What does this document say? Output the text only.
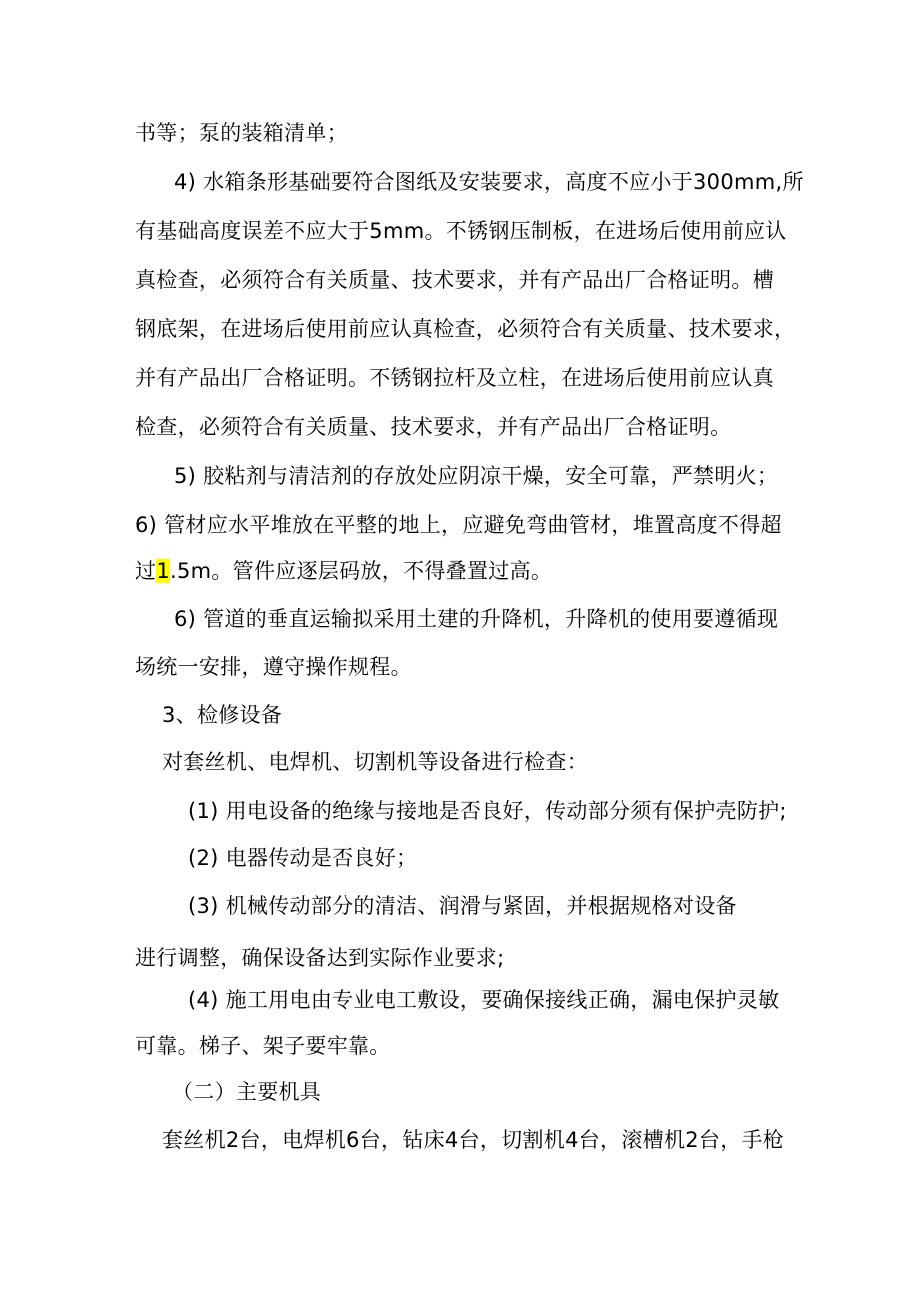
书等；泵的装箱清单；
4) 水箱条形基础要符合图纸及安装要求，高度不应小于300mm,所
有基础高度误差不应大于5mm。不锈钢压制板，在进场后使用前应认
真检查，必须符合有关质量、技术要求，并有产品出厂合格证明。槽
钢底架，在进场后使用前应认真检查，必须符合有关质量、技术要求，
并有产品出厂合格证明。不锈钢拉杆及立柱，在进场后使用前应认真
检查，必须符合有关质量、技术要求，并有产品出厂合格证明。
5) 胶粘剂与清洁剂的存放处应阴凉干燥，安全可靠，严禁明火；
6) 管材应水平堆放在平整的地上，应避免弯曲管材，堆置高度不得超
过1.5m。管件应逐层码放，不得叠置过高。
6) 管道的垂直运输拟采用土建的升降机，升降机的使用要遵循现
场统一安排，遵守操作规程。
3、检修设备
对套丝机、电焊机、切割机等设备进行检查：
(1) 用电设备的绝缘与接地是否良好，传动部分须有保护壳防护;
(2) 电器传动是否良好；
(3) 机械传动部分的清洁、润滑与紧固，并根据规格对设备
进行调整，确保设备达到实际作业要求;
(4) 施工用电由专业电工敷设，要确保接线正确，漏电保护灵敏
可靠。梯子、架子要牢靠。
（二）主要机具
套丝机2台，电焊机6台，钻床4台，切割机4台，滚槽机2台，手枪
